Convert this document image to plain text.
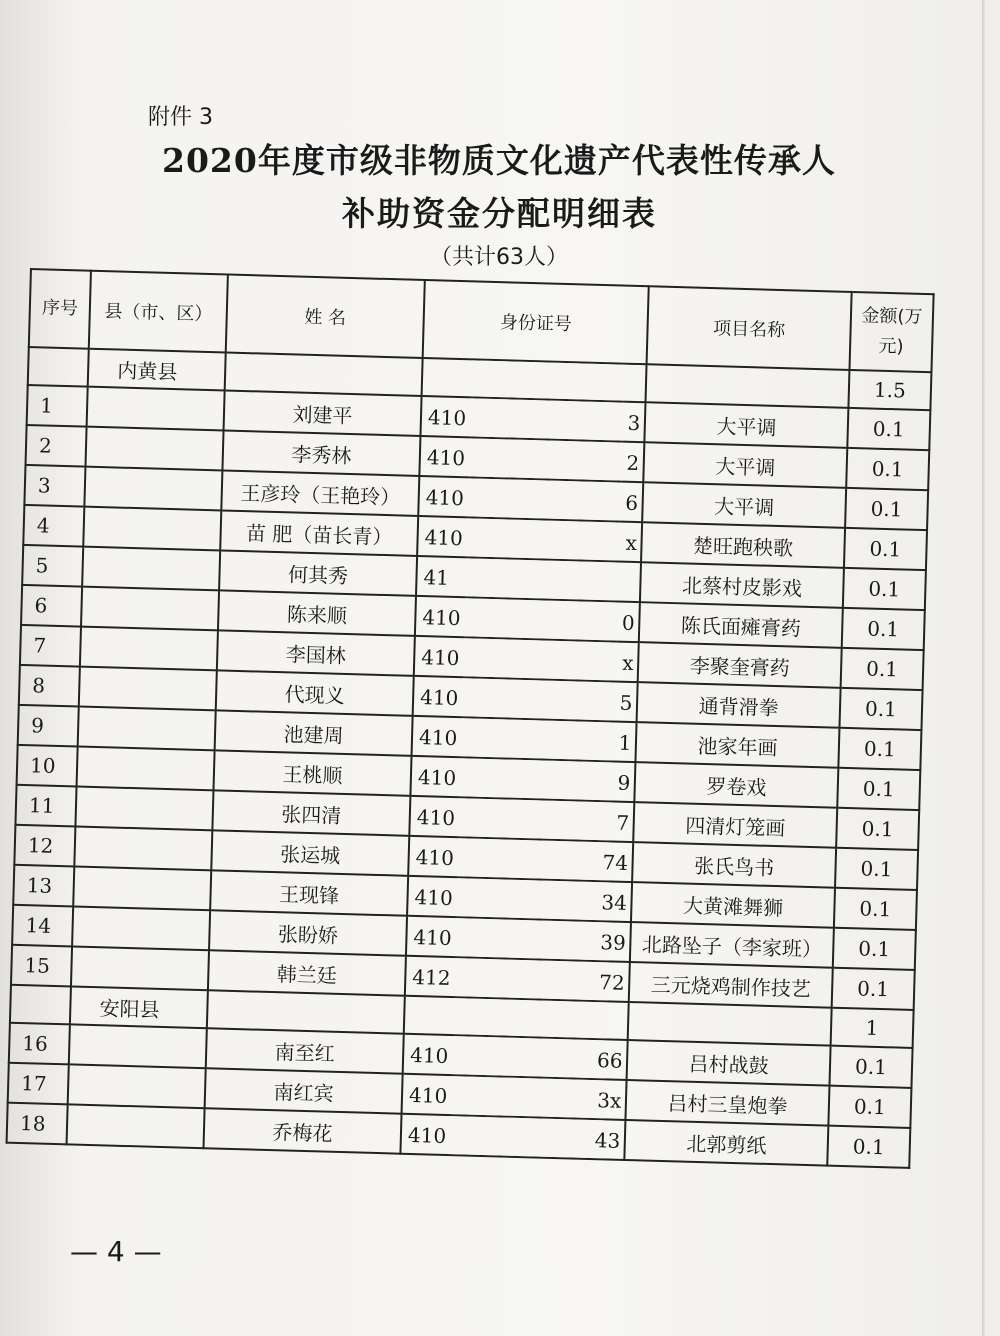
附件 3
2020年度市级非物质文化遗产代表性传承人
补助资金分配明细表
（共计63人）
序号	县（市、区）	姓 名	身份证号	项目名称	金额(万元)
	内黄县				1.5
1		刘建平	410 3	大平调	0.1
2		李秀林	410 2	大平调	0.1
3		王彦玲（王艳玲）	410 6	大平调	0.1
4		苗 肥（苗长青）	410 x	楚旺跑秧歌	0.1
5		何其秀	41	北蔡村皮影戏	0.1
6		陈来顺	410 0	陈氏面瘫膏药	0.1
7		李国林	410 x	李聚奎膏药	0.1
8		代现义	410 5	通背滑拳	0.1
9		池建周	410 1	池家年画	0.1
10		王桃顺	410 9	罗卷戏	0.1
11		张四清	410 7	四清灯笼画	0.1
12		张运城	410 74	张氏鸟书	0.1
13		王现锋	410 34	大黄滩舞狮	0.1
14		张盼娇	410 39	北路坠子（李家班）	0.1
15		韩兰廷	412 72	三元烧鸡制作技艺	0.1
	安阳县				1
16		南至红	410 66	吕村战鼓	0.1
17		南红宾	410 3x	吕村三皇炮拳	0.1
18		乔梅花	410 43	北郭剪纸	0.1
— 4 —
